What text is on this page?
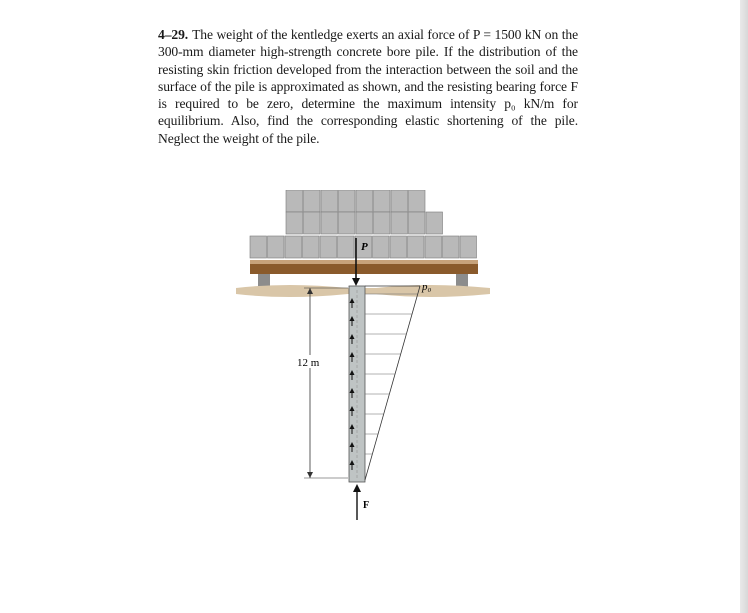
4–29. The weight of the kentledge exerts an axial force of P = 1500 kN on the 300-mm diameter high-strength concrete bore pile. If the distribution of the resisting skin friction developed from the interaction between the soil and the surface of the pile is approximated as shown, and the resisting bearing force F is required to be zero, determine the maximum intensity p₀ kN/m for equilibrium. Also, find the corresponding elastic shortening of the pile. Neglect the weight of the pile.
P
p₀
12 m
F
